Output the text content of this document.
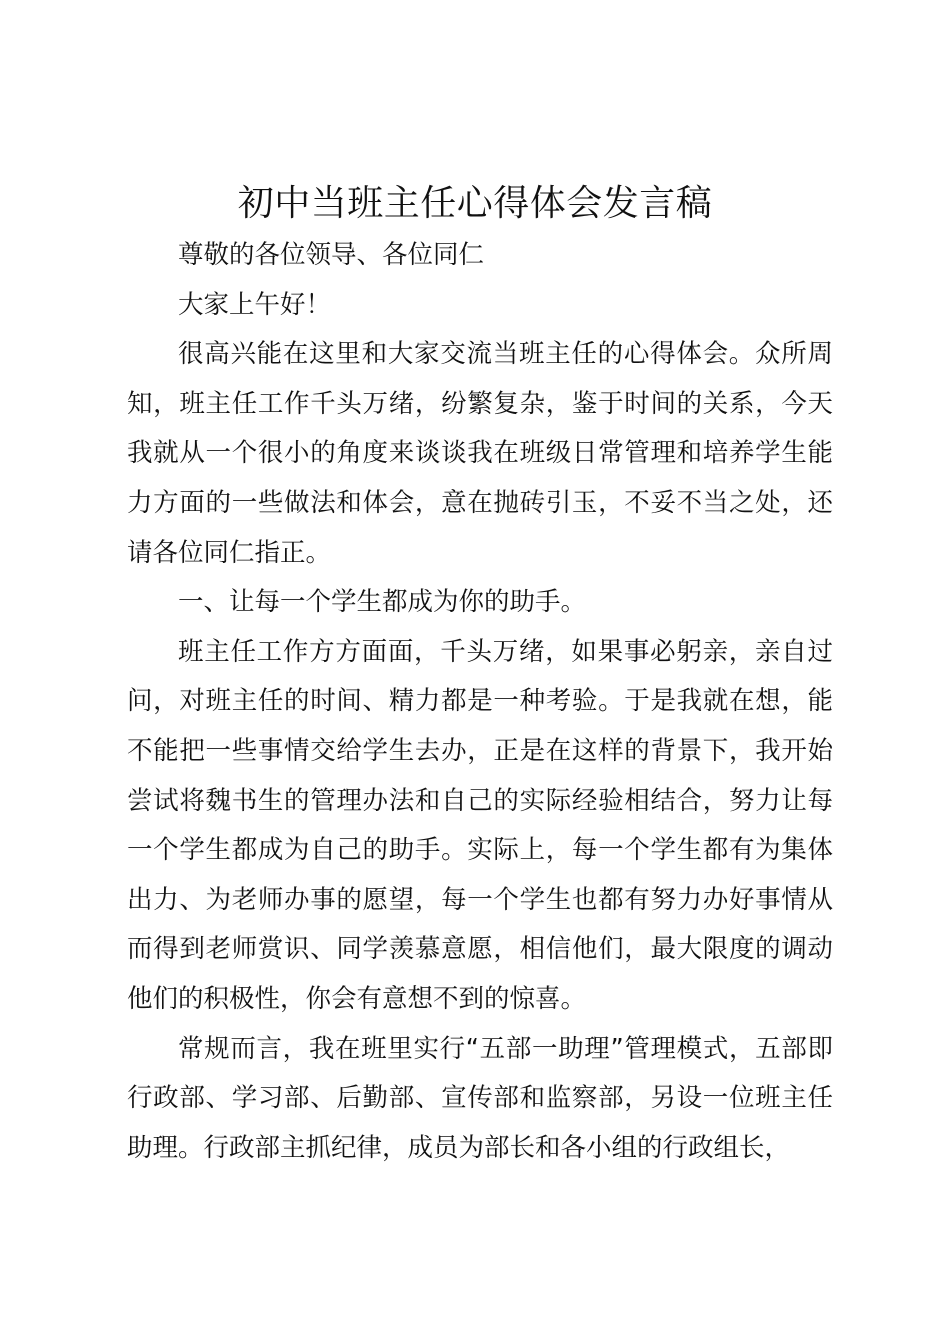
初中当班主任心得体会发言稿

尊敬的各位领导、各位同仁

大家上午好！

很高兴能在这里和大家交流当班主任的心得体会。众所周知，班主任工作千头万绪，纷繁复杂，鉴于时间的关系，今天我就从一个很小的角度来谈谈我在班级日常管理和培养学生能力方面的一些做法和体会，意在抛砖引玉，不妥不当之处，还请各位同仁指正。

一、让每一个学生都成为你的助手。

班主任工作方方面面，千头万绪，如果事必躬亲，亲自过问，对班主任的时间、精力都是一种考验。于是我就在想，能不能把一些事情交给学生去办，正是在这样的背景下，我开始尝试将魏书生的管理办法和自己的实际经验相结合，努力让每一个学生都成为自己的助手。实际上，每一个学生都有为集体出力、为老师办事的愿望，每一个学生也都有努力办好事情从而得到老师赏识、同学羡慕意愿，相信他们，最大限度的调动他们的积极性，你会有意想不到的惊喜。

常规而言，我在班里实行“五部一助理”管理模式，五部即行政部、学习部、后勤部、宣传部和监察部，另设一位班主任助理。行政部主抓纪律，成员为部长和各小组的行政组长，
